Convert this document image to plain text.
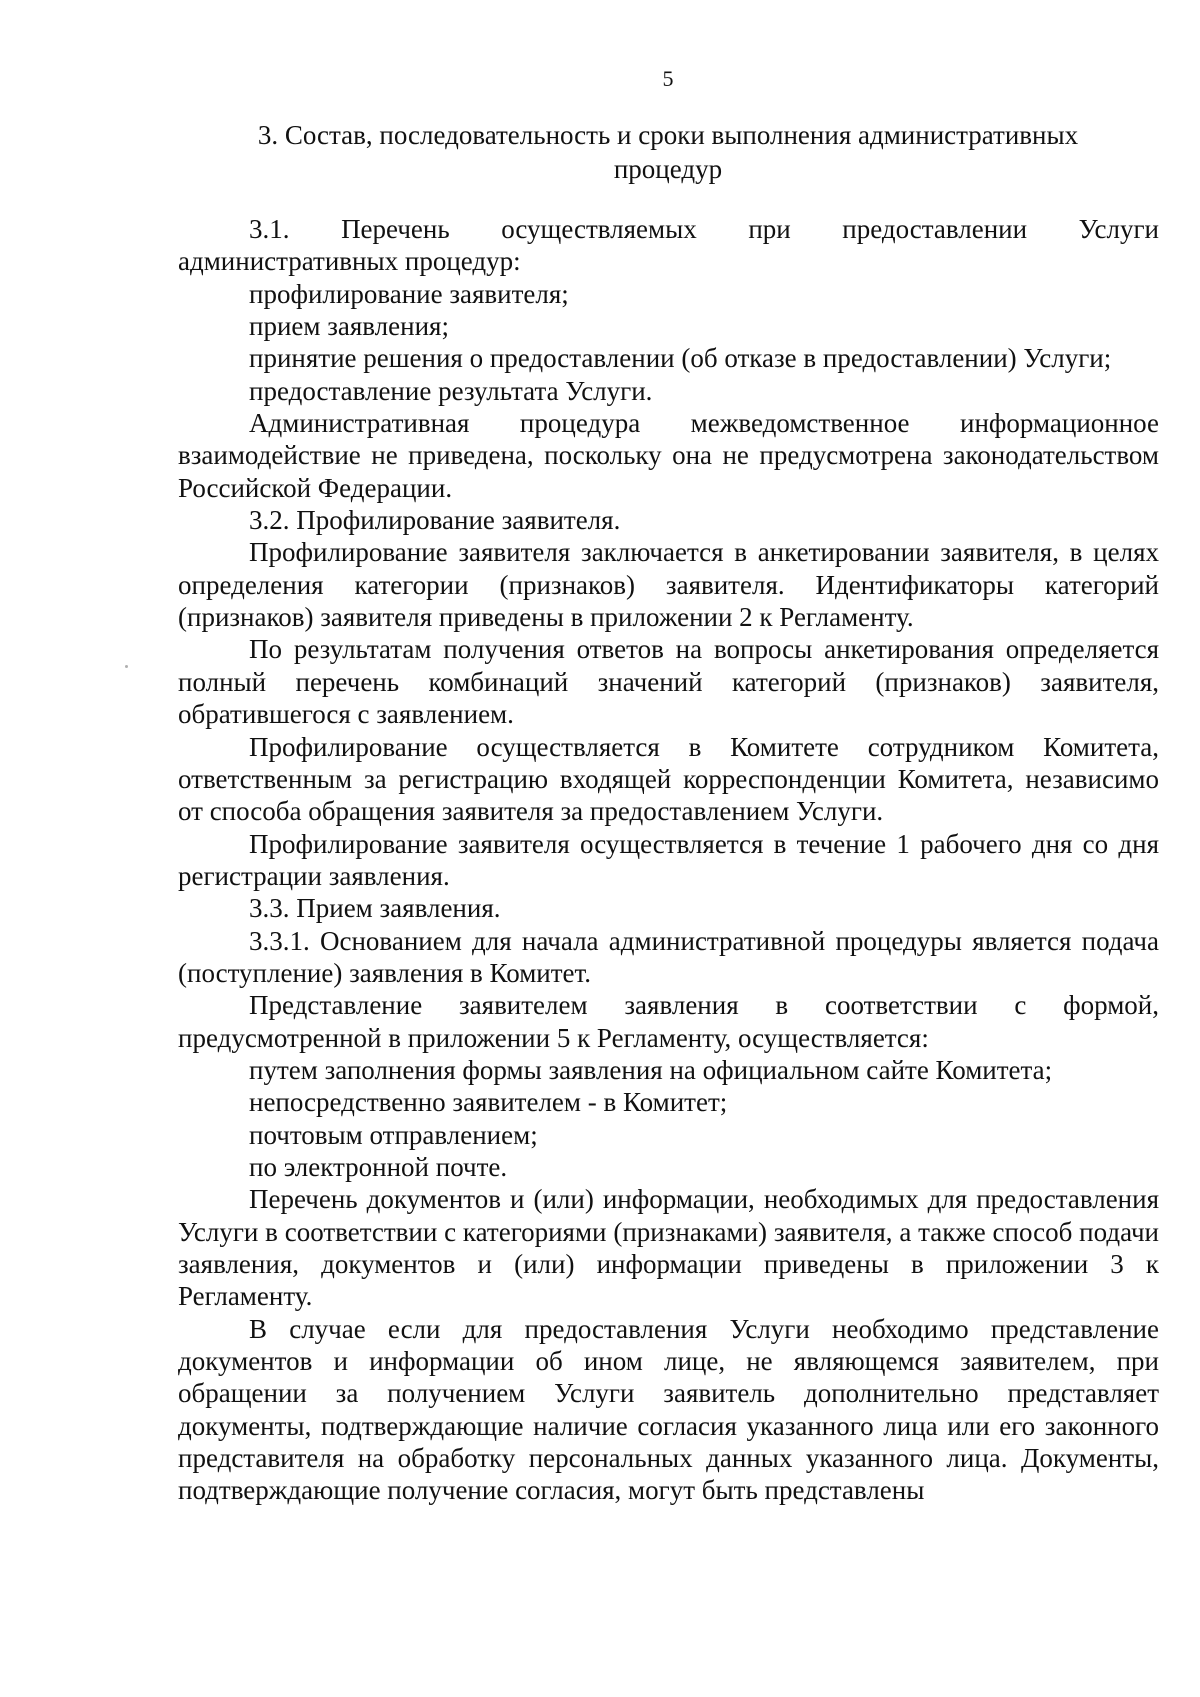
5
3. Состав, последовательность и сроки выполнения административных
процедур

3.1. Перечень осуществляемых при предоставлении Услуги административных процедур:

профилирование заявителя;

прием заявления;

принятие решения о предоставлении (об отказе в предоставлении) Услуги;

предоставление результата Услуги.

Административная процедура межведомственное информационное взаимодействие не приведена, поскольку она не предусмотрена законодательством Российской Федерации.

3.2. Профилирование заявителя.

Профилирование заявителя заключается в анкетировании заявителя, в целях определения категории (признаков) заявителя. Идентификаторы категорий (признаков) заявителя приведены в приложении 2 к Регламенту.

По результатам получения ответов на вопросы анкетирования определяется полный перечень комбинаций значений категорий (признаков) заявителя, обратившегося с заявлением.

Профилирование осуществляется в Комитете сотрудником Комитета, ответственным за регистрацию входящей корреспонденции Комитета, независимо от способа обращения заявителя за предоставлением Услуги.

Профилирование заявителя осуществляется в течение 1 рабочего дня со дня регистрации заявления.

3.3. Прием заявления.

3.3.1. Основанием для начала административной процедуры является подача (поступление) заявления в Комитет.

Представление заявителем заявления в соответствии с формой, предусмотренной в приложении 5 к Регламенту, осуществляется:

путем заполнения формы заявления на официальном сайте Комитета;

непосредственно заявителем - в Комитет;

почтовым отправлением;

по электронной почте.

Перечень документов и (или) информации, необходимых для предоставления Услуги в соответствии с категориями (признаками) заявителя, а также способ подачи заявления, документов и (или) информации приведены в приложении 3 к Регламенту.

В случае если для предоставления Услуги необходимо представление документов и информации об ином лице, не являющемся заявителем, при обращении за получением Услуги заявитель дополнительно представляет документы, подтверждающие наличие согласия указанного лица или его законного представителя на обработку персональных данных указанного лица. Документы, подтверждающие получение согласия, могут быть представлены
